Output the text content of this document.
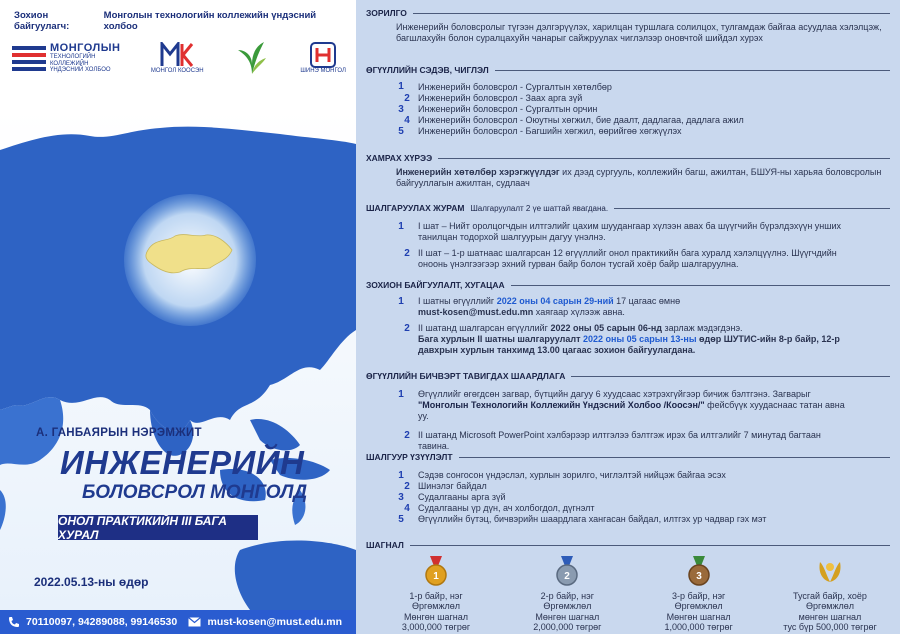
Зохион байгуулагч:
Монголын технологийн коллежийн үндэсний холбоо
МОНГОЛЫН

ТЕХНОЛОГИЙН КОЛЛЕЖИЙН ҮНДЭСНИЙ ХОЛБОО	МОНГОЛ КООСЭН	ШИНЭ МОНГОЛ
А. ГАНБАЯРЫН НЭРЭМЖИТ
ИНЖЕНЕРИЙН
БОЛОВСРОЛ МОНГОЛД
ОНОЛ ПРАКТИКИЙН III БАГА ХУРАЛ
2022.05.13-ны өдөр
70110097, 94289088, 99146530	must-kosen@must.edu.mn
ЗОРИЛГО
Инженерийн боловсролыг түгээн дэлгэрүүлэх, харилцан туршлага солилцох, тулгамдаж байгаа асуудлаа хэлэлцэж, багшлахуйн болон суралцахуйн чанарыг сайжруулах чиглэлээр оновчтой шийдэл хурэх
ӨГҮҮЛЛИЙН СЭДЭВ, ЧИГЛЭЛ
1 Инженерийн боловсрол - Сургалтын хөтөлбөр
2 Инженерийн боловсрол - Заах арга зүй
3 Инженерийн боловсрол - Сургалтын орчин
4 Инженерийн боловсрол - Оюутны хөгжил, бие даалт, дадлагаа, дадлага ажил
5 Инженерийн боловсрол - Багшийн хөгжил, өөрийгөө хөгжүүлэх
ХАМРАХ ХҮРЭЭ
Инженерийн хөтөлбөр хэрэгжүүлдэг их дээд сургууль, коллежийн багш, ажилтан, БШУЯ-ны харьяа боловсролын байгууллагын ажилтан, судлаач
ШАЛГАРУУЛАХ ЖУРАМ Шалгаруулалт 2 үе шаттай явагдана.
1 I шат – Нийт оролцогчдын илтгэлийг цахим шуудангаар хүлээн авах ба шүүгчийн бүрэлдэхүүн унших танилцан тодорхой шалгуурын дагуу үнэлнэ.
2 II шат – 1-р шатнаас шалгарсан 12 өгүүллийг онол практикийн бага хуралд хэлэлцүүлнэ. Шүүгчдийн оноонь үнэлгээгээр эхний гурван байр болон тусгай хоёр байр шалгаруулна.
ЗОХИОН БАЙГУУЛАЛТ, ХУГАЦАА
1 I шатны өгүүллийг 2022 оны 04 сарын 29-ний 17 цагаас өмнө
must-kosen@must.edu.mn хаягаар хүлээж авна.
2 II шатанд шалгарсан өгүүллийг 2022 оны 05 сарын 06-нд зарлаж мэдэгдэнэ.
Бага хурлын II шатны шалгаруулалт 2022 оны 05 сарын 13-ны өдөр ШУТИС-ийн 8-р байр, 12-р давхрын хурлын танхимд 13.00 цагаас зохион байгуулагдана.
ӨГҮҮЛЛИЙН БИЧВЭРТ ТАВИГДАХ ШААРДЛАГА
1 Өгүүллийг өгөгдсөн загвар, бүтцийн дагуу 6 хуудсаас хэтрэхгүйгээр бичиж бэлтгэнэ. Загварыг "Монголын Технологийн Коллежийн Үндэсний Холбоо /Коосэн/" фейсбүүк хуудаснаас татан авна уу.
2 II шатанд Microsoft PowerPoint хэлбэрээр илтгэлээ бэлтгэж ирэх ба илтгэлийг 7 минутад багтаан тавина.
ШАЛГУУР ҮЗҮҮЛЭЛТ
1 Сэдэв сонгосон үндэслэл, хурлын зорилго, чиглэлтэй нийцэж байгаа эсэх
2 Шинэлэг байдал
3 Судалгааны арга зүй
4 Судалгааны үр дүн, ач холбогдол, дүгнэлт
5 Өгүүллийн бүтэц, бичвэрийн шаардлага хангасан байдал, илтгэх ур чадвар гэх мэт
ШАГНАЛ
1
1-р байр, нэг
Өргөмжлөл
Мөнгөн шагнал
3,000,000 төгрөг
2
2-р байр, нэг
Өргөмжлөл
Мөнгөн шагнал
2,000,000 төгрөг
3
3-р байр, нэг
Өргөмжлөл
Мөнгөн шагнал
1,000,000 төгрөг
Тусгай байр, хоёр
Өргөмжлөл
мөнгөн шагнал
тус бүр 500,000 төгрөг
